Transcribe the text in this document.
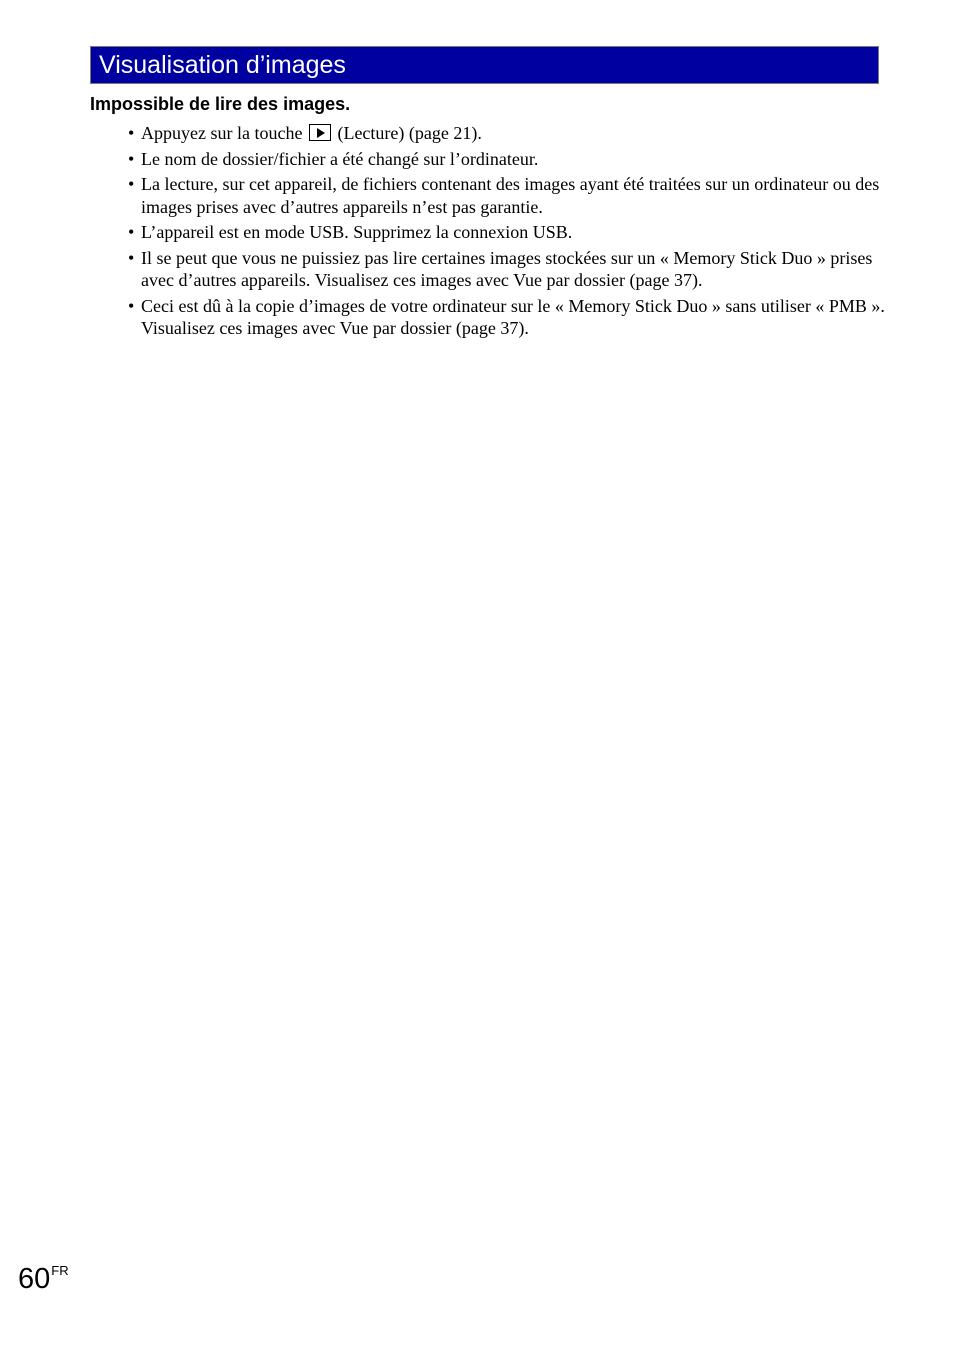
Visualisation d’images
Impossible de lire des images.
• Appuyez sur la touche (Lecture) (page 21).
• Le nom de dossier/fichier a été changé sur l’ordinateur.
• La lecture, sur cet appareil, de fichiers contenant des images ayant été traitées sur un ordinateur ou des images prises avec d’autres appareils n’est pas garantie.
• L’appareil est en mode USB. Supprimez la connexion USB.
• Il se peut que vous ne puissiez pas lire certaines images stockées sur un « Memory Stick Duo » prises avec d’autres appareils. Visualisez ces images avec Vue par dossier (page 37).
• Ceci est dû à la copie d’images de votre ordinateur sur le « Memory Stick Duo » sans utiliser « PMB ». Visualisez ces images avec Vue par dossier (page 37).
$60^{FR}$
